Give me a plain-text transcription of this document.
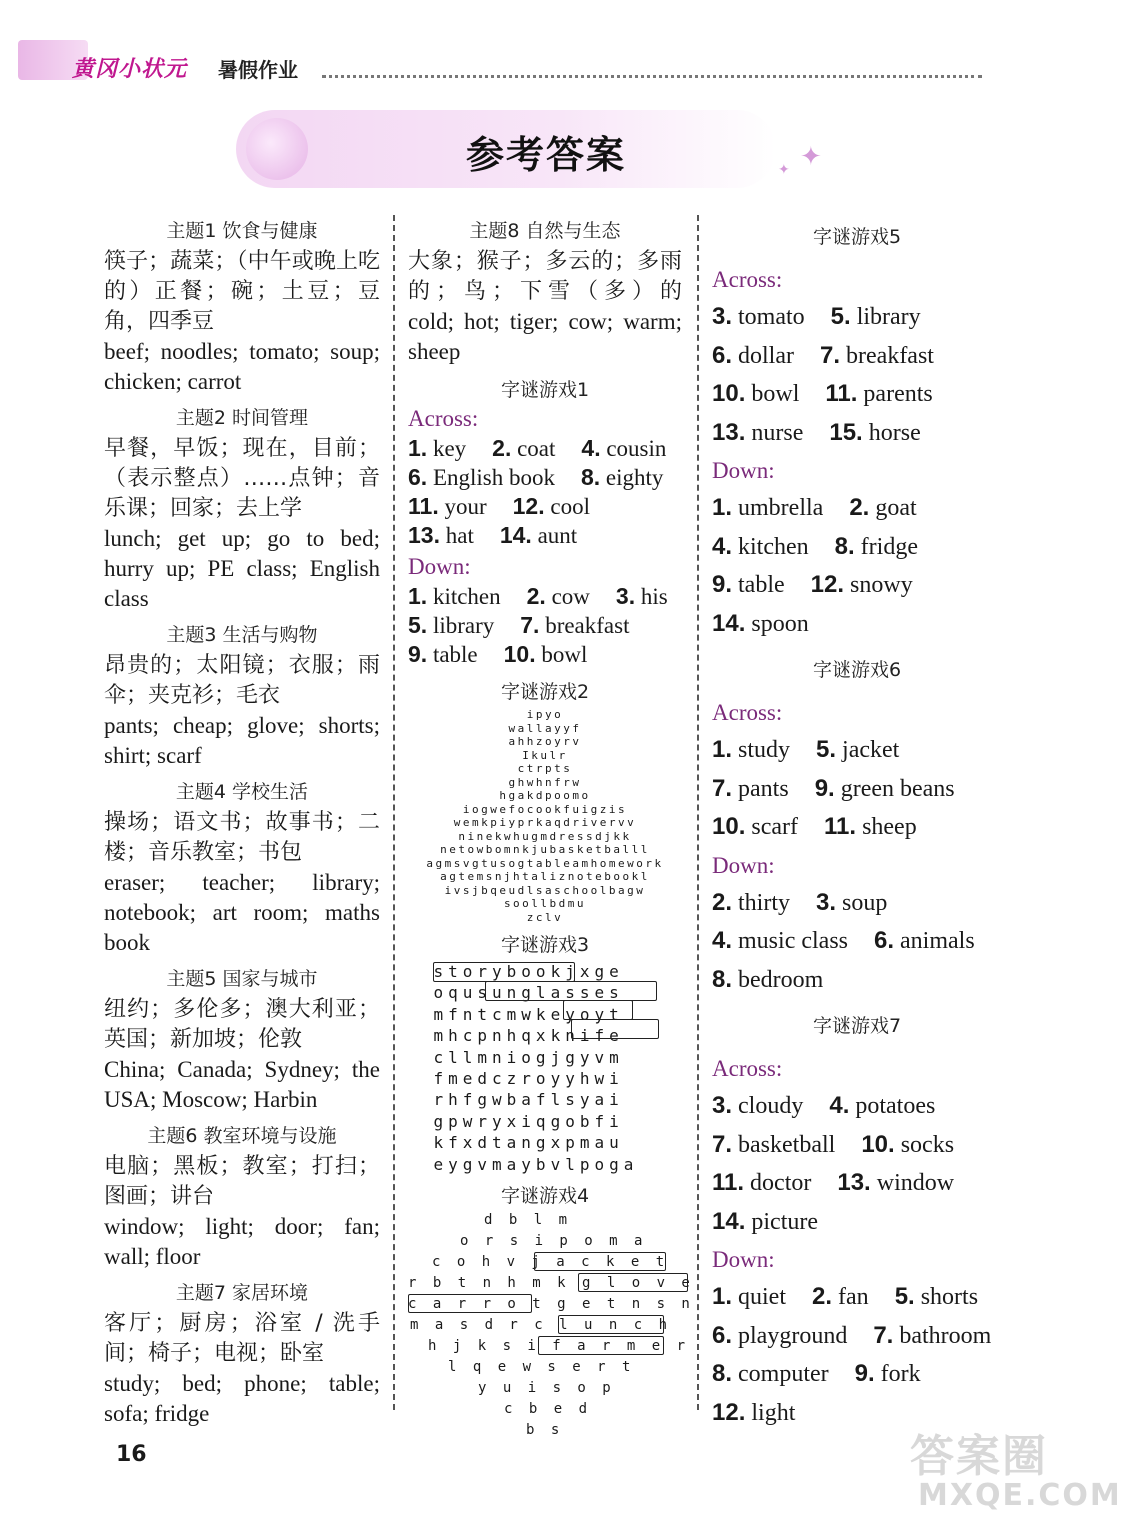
黄冈小状元 暑假作业
参考答案	✦
✦
主题1 饮食与健康
筷子；蔬菜；（中午或晚上吃的）正餐；碗；土豆；豆角，四季豆
beef; noodles; tomato; soup; chicken; carrot
主题2 时间管理
早餐，早饭；现在，目前；（表示整点）……点钟；音乐课；回家；去上学
lunch; get up; go to bed; hurry up; PE class; English class
主题3 生活与购物
昂贵的；太阳镜；衣服；雨伞；夹克衫；毛衣
pants; cheap; glove; shorts; shirt; scarf
主题4 学校生活
操场；语文书；故事书；二楼；音乐教室；书包
eraser; teacher; library; notebook; art room; maths book
主题5 国家与城市
纽约；多伦多；澳大利亚；英国；新加坡；伦敦
China; Canada; Sydney; the USA; Moscow; Harbin
主题6 教室环境与设施
电脑；黑板；教室；打扫；图画；讲台
window; light; door; fan; wall; floor
主题7 家居环境
客厅；厨房；浴室 / 洗手间；椅子；电视；卧室
study; bed; phone; table; sofa; fridge
主题8 自然与生态
大象；猴子；多云的；多雨的；鸟；下雪（多）的
cold; hot; tiger; cow; warm; sheep
字谜游戏1
Across:
1. key 2. coat 4. cousin
6. English book 8. eighty
11. your 12. cool
13. hat 14. aunt
Down:
1. kitchen 2. cow 3. his
5. library 7. breakfast
9. table 10. bowl
字谜游戏2
ipyo
wallayyf
ahhzoyrv
Ikulr
ctrpts
ghwhnfrw
hgakdpoomo
iogwefocookfuigzis
wemkpiyprkaqdrivervv
ninekwhugmdressdjkk
netowbomnkjubasketballl
agmsvgtusogtableamhomework
agtemsnjhtaliznotebookl
ivsjbqeudlsaschoolbagw
soollbdmu
zclv
字谜游戏3
storybookjxge
oqusunglasses
mfntcmwkeyoyt
mhcpnhqxknife
cllmniogjgyvm
fmedczroyyhwi
rhfgwbaflsyai
gpwryxiqgobfi
kfxdtangxpmau
eygvmaybvlpoga
字谜游戏4
d b l m
o r s i p o m a
c o h v j a c k e t
r b t n h m k g l o v e
c a r r o t g e t n s n
m a s d r c l u n c h
h j k s i f a r m e r
l q e w s e r t
y u i s o p
c b e d
b s
字谜游戏5
Across:
3. tomato 5. library
6. dollar 7. breakfast
10. bowl 11. parents
13. nurse 15. horse
Down:
1. umbrella 2. goat
4. kitchen 8. fridge
9. table 12. snowy
14. spoon
字谜游戏6
Across:
1. study 5. jacket
7. pants 9. green beans
10. scarf 11. sheep
Down:
2. thirty 3. soup
4. music class 6. animals
8. bedroom
字谜游戏7
Across:
3. cloudy 4. potatoes
7. basketball 10. socks
11. doctor 13. window
14. picture
Down:
1. quiet 2. fan 5. shorts
6. playground 7. bathroom
8. computer 9. fork
12. light
16	答案圈
MXQE.COM
